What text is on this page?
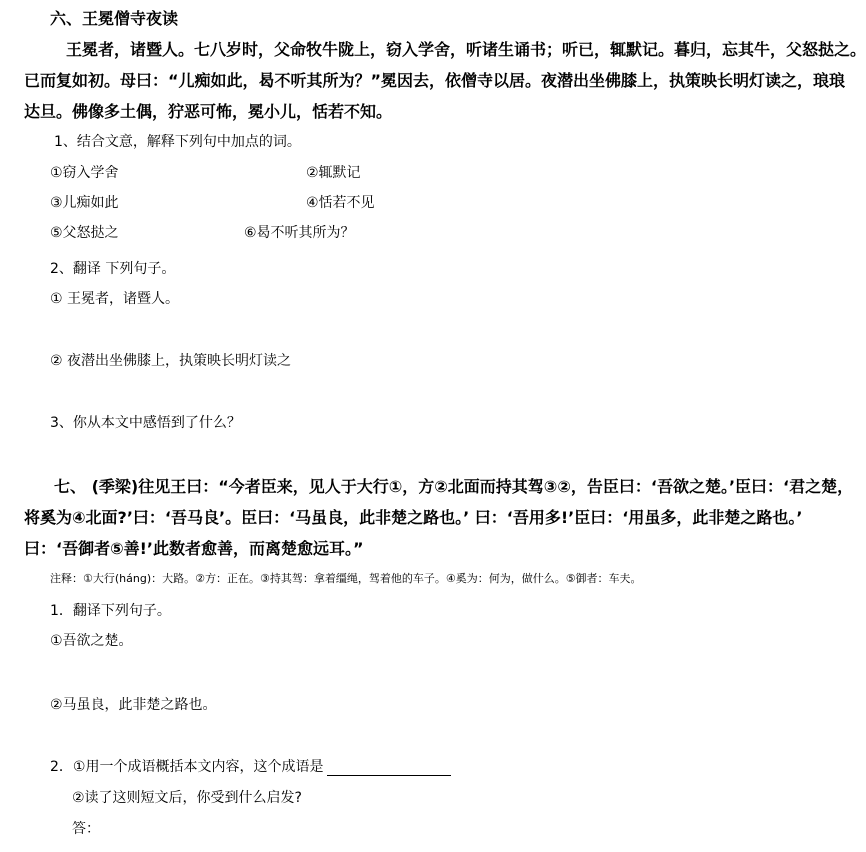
六、王冕僧寺夜读
王冕者，诸暨人。七八岁时，父命牧牛陇上，窃入学舍，听诸生诵书；听已，辄默记。暮归，忘其牛，父怒挞之。
已而复如初。母曰：“儿痴如此，曷不听其所为？”冕因去，依僧寺以居。夜潜出坐佛膝上，执策映长明灯读之，琅琅
达旦。佛像多土偶，狞恶可怖，冕小儿，恬若不知。
1、结合文意，解释下列句中加点的词。
①窃入学舍	②辄默记
③儿痴如此	④恬若不见
⑤父怒挞之	⑥曷不听其所为？
2、翻译 下列句子。
① 王冕者，诸暨人。
② 夜潜出坐佛膝上，执策映长明灯读之
3、你从本文中感悟到了什么？
七、 (季梁)往见王曰：“今者臣来，见人于大行①，方②北面而持其驾③②，告臣曰：‘吾欲之楚。’臣曰：‘君之楚，
将奚为④北面?’曰：‘吾马良’。臣曰：‘马虽良，此非楚之路也。’ 曰：‘吾用多!’臣曰：‘用虽多，此非楚之路也。’
曰：‘吾御者⑤善!’此数者愈善，而离楚愈远耳。”
注释：①大行(háng)：大路。②方：正在。③持其驾：拿着缰绳，驾着他的车子。④奚为：何为，做什么。⑤御者：车夫。
1．翻译下列句子。
①吾欲之楚。
②马虽良，此非楚之路也。
2．①用一个成语概括本文内容，这个成语是
②读了这则短文后，你受到什么启发?
答：
